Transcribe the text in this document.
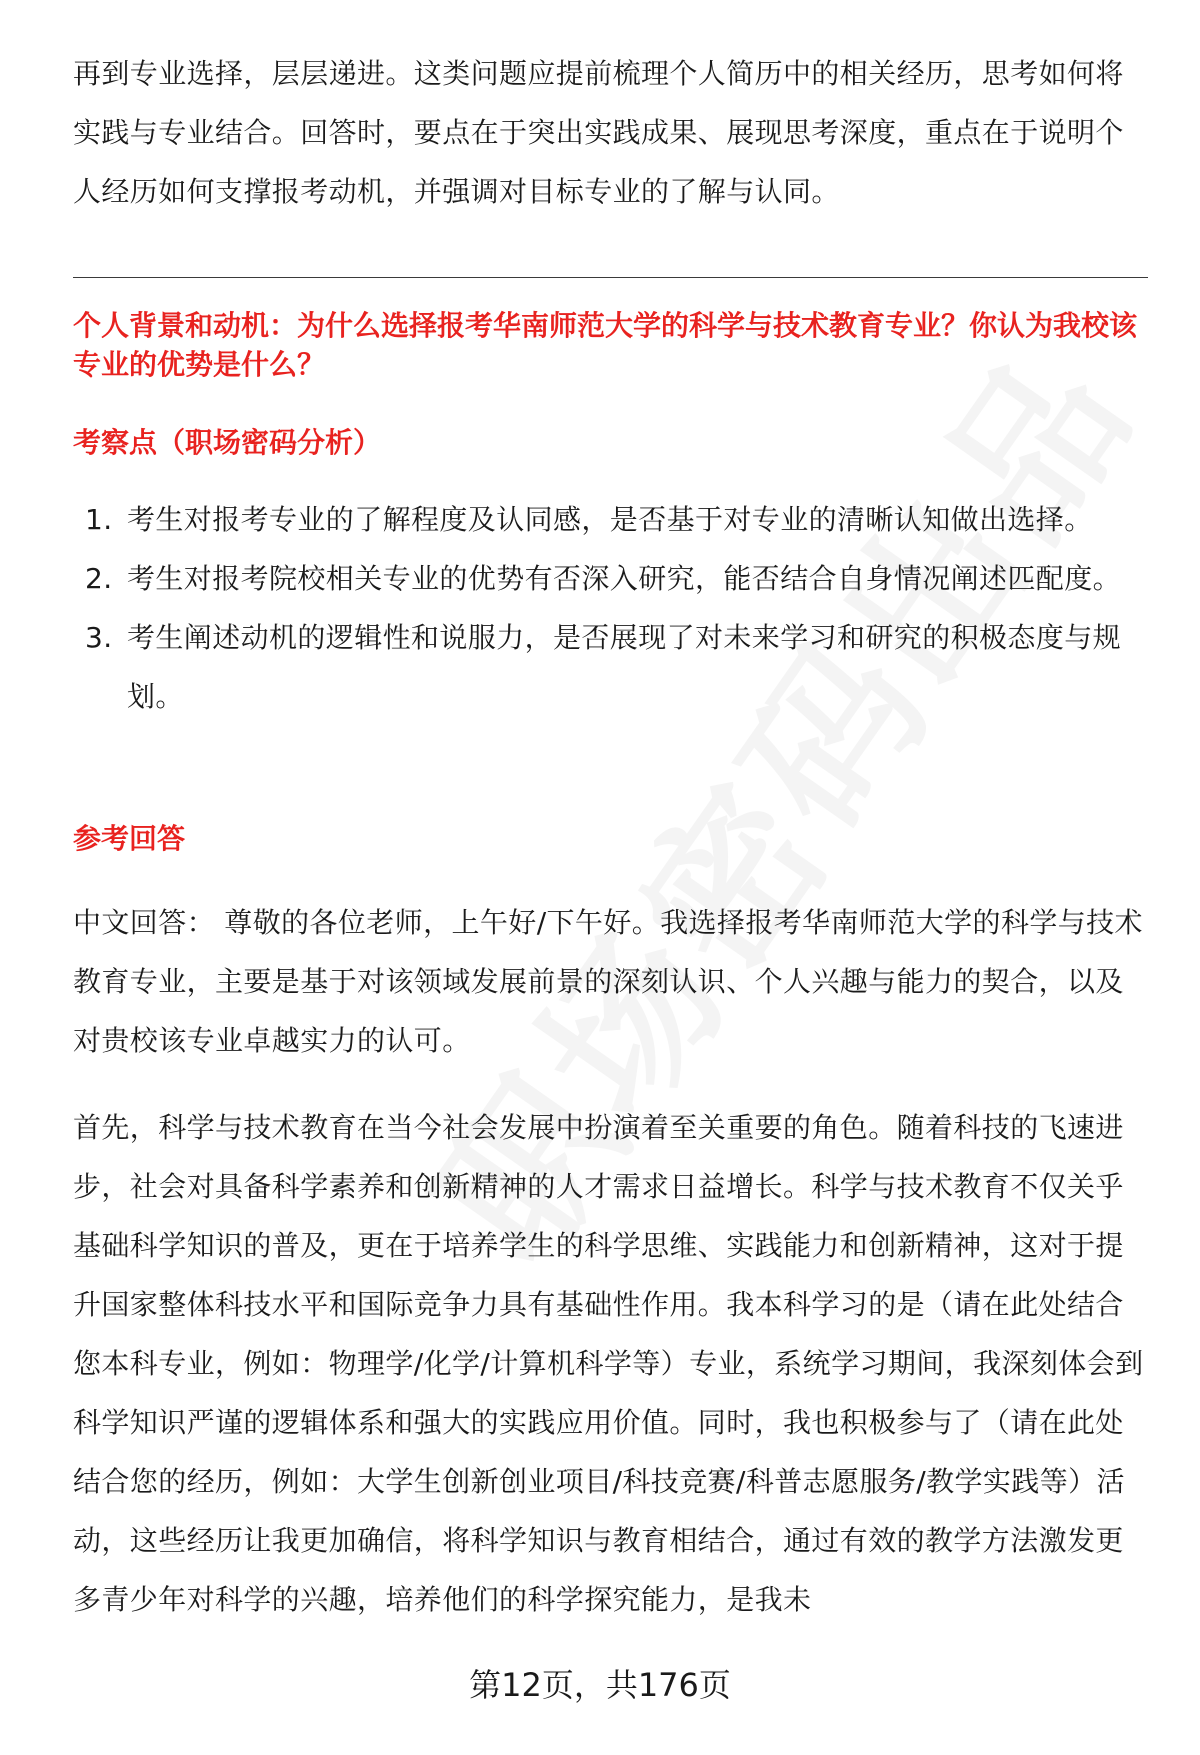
再到专业选择，层层递进。这类问题应提前梳理个人简历中的相关经历，思考如何将实践与专业结合。回答时，要点在于突出实践成果、展现思考深度，重点在于说明个人经历如何支撑报考动机，并强调对目标专业的了解与认同。

个人背景和动机：为什么选择报考华南师范大学的科学与技术教育专业？你认为我校该专业的优势是什么？

考察点（职场密码分析）

1. 考生对报考专业的了解程度及认同感，是否基于对专业的清晰认知做出选择。
2. 考生对报考院校相关专业的优势有否深入研究，能否结合自身情况阐述匹配度。
3. 考生阐述动机的逻辑性和说服力，是否展现了对未来学习和研究的积极态度与规划。

参考回答

中文回答： 尊敬的各位老师，上午好/下午好。我选择报考华南师范大学的科学与技术教育专业，主要是基于对该领域发展前景的深刻认识、个人兴趣与能力的契合，以及对贵校该专业卓越实力的认可。

首先，科学与技术教育在当今社会发展中扮演着至关重要的角色。随着科技的飞速进步，社会对具备科学素养和创新精神的人才需求日益增长。科学与技术教育不仅关乎基础科学知识的普及，更在于培养学生的科学思维、实践能力和创新精神，这对于提升国家整体科技水平和国际竞争力具有基础性作用。我本科学习的是（请在此处结合您本科专业，例如：物理学/化学/计算机科学等）专业，系统学习期间，我深刻体会到科学知识严谨的逻辑体系和强大的实践应用价值。同时，我也积极参与了（请在此处结合您的经历，例如：大学生创新创业项目/科技竞赛/科普志愿服务/教学实践等）活动，这些经历让我更加确信，将科学知识与教育相结合，通过有效的教学方法激发更多青少年对科学的兴趣，培养他们的科学探究能力，是我未

第12页，共176页
